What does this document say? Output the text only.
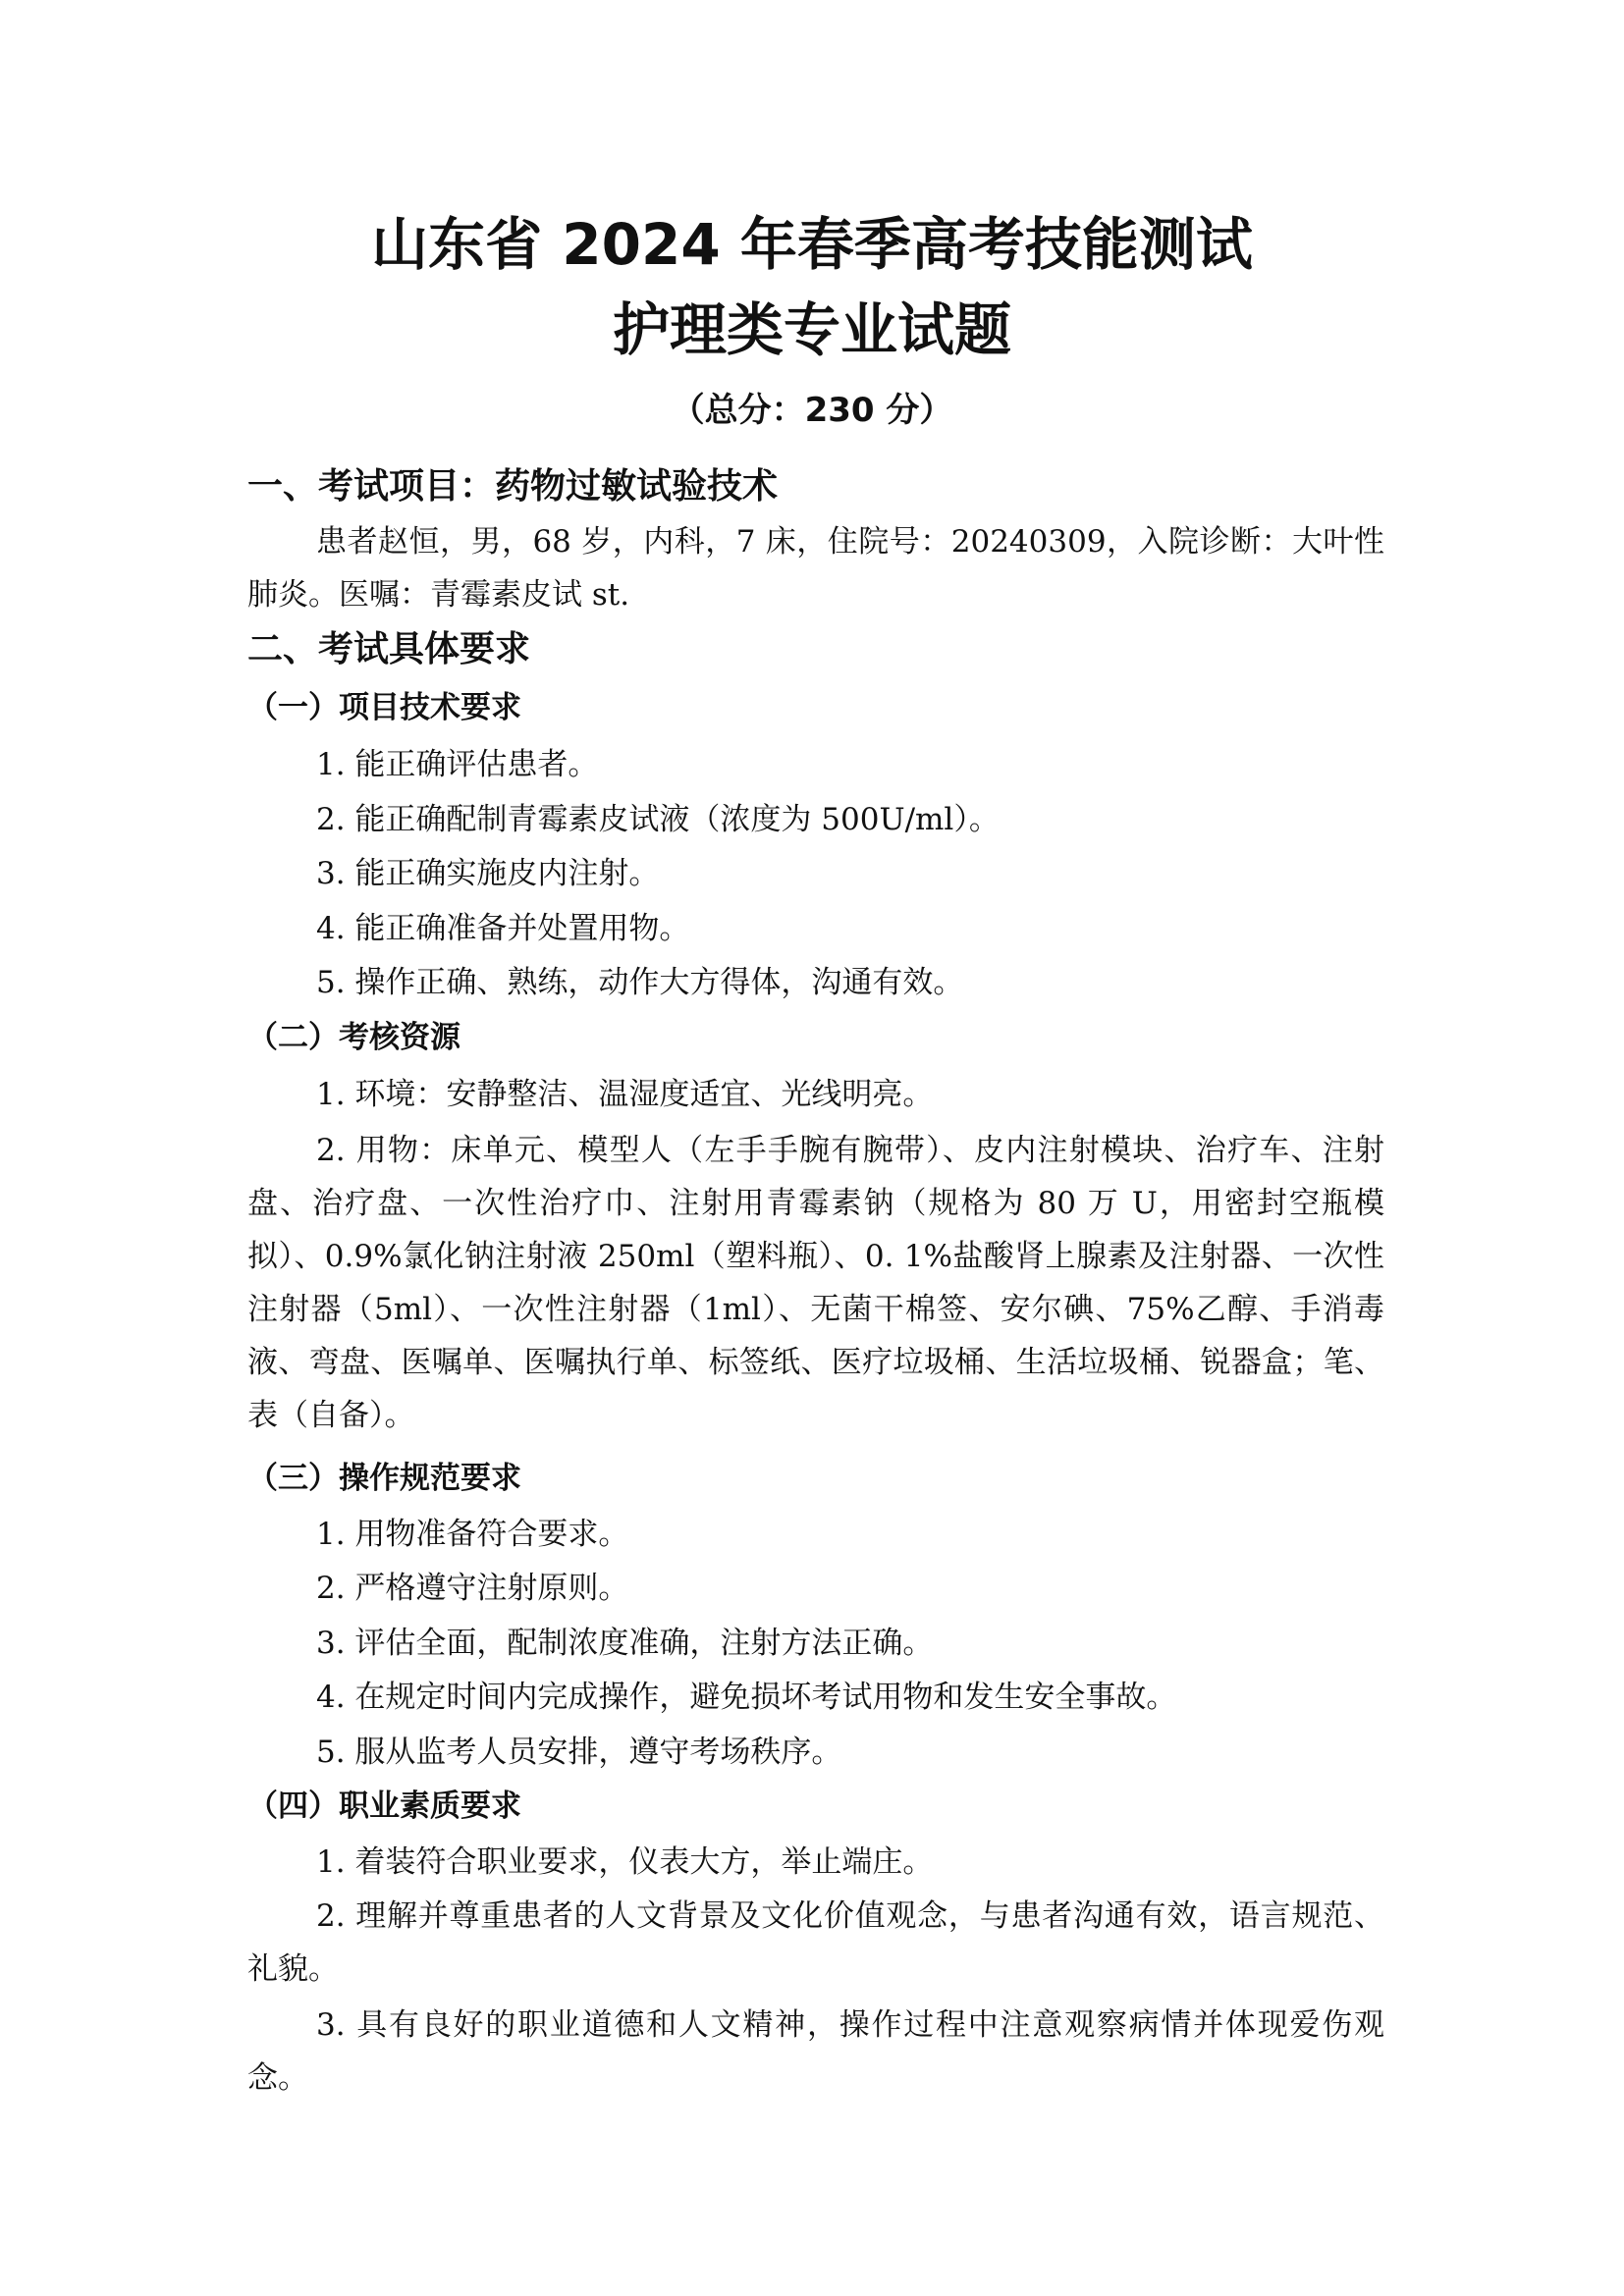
山东省 2024 年春季高考技能测试
护理类专业试题
（总分：230 分）
一、考试项目：药物过敏试验技术

患者赵恒，男，68 岁，内科，7 床，住院号：20240309，入院诊断：大叶性肺炎。医嘱：青霉素皮试 st.

二、考试具体要求
（一）项目技术要求

1. 能正确评估患者。

2. 能正确配制青霉素皮试液（浓度为 500U/ml）。

3. 能正确实施皮内注射。

4. 能正确准备并处置用物。

5. 操作正确、熟练，动作大方得体，沟通有效。

（二）考核资源

1. 环境：安静整洁、温湿度适宜、光线明亮。

2. 用物：床单元、模型人（左手手腕有腕带）、皮内注射模块、治疗车、注射盘、治疗盘、一次性治疗巾、注射用青霉素钠（规格为 80 万 U，用密封空瓶模拟）、0.9%氯化钠注射液 250ml（塑料瓶）、0. 1%盐酸肾上腺素及注射器、一次性注射器（5ml）、一次性注射器（1ml）、无菌干棉签、安尔碘、75%乙醇、手消毒液、弯盘、医嘱单、医嘱执行单、标签纸、医疗垃圾桶、生活垃圾桶、锐器盒；笔、表（自备）。

（三）操作规范要求

1. 用物准备符合要求。

2. 严格遵守注射原则。

3. 评估全面，配制浓度准确，注射方法正确。

4. 在规定时间内完成操作，避免损坏考试用物和发生安全事故。

5. 服从监考人员安排，遵守考场秩序。

（四）职业素质要求

1. 着装符合职业要求，仪表大方，举止端庄。

2. 理解并尊重患者的人文背景及文化价值观念，与患者沟通有效，语言规范、礼貌。

3. 具有良好的职业道德和人文精神，操作过程中注意观察病情并体现爱伤观念。
